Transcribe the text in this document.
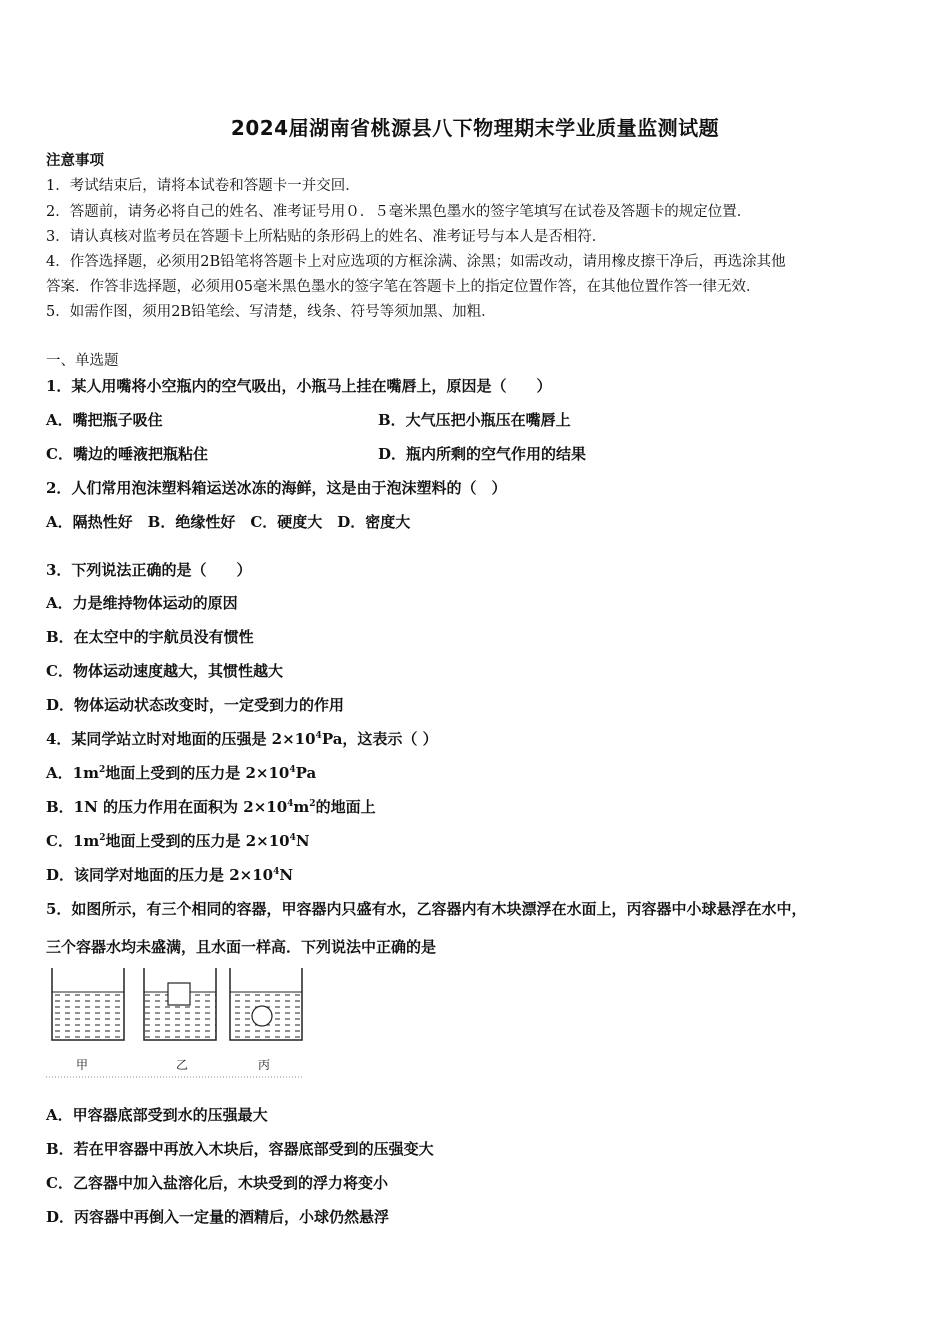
2024届湖南省桃源县八下物理期末学业质量监测试题
注意事项
1．考试结束后，请将本试卷和答题卡一并交回．
2．答题前，请务必将自己的姓名、准考证号用０．５毫米黑色墨水的签字笔填写在试卷及答题卡的规定位置．
3．请认真核对监考员在答题卡上所粘贴的条形码上的姓名、准考证号与本人是否相符．
4．作答选择题，必须用2B铅笔将答题卡上对应选项的方框涂满、涂黑；如需改动，请用橡皮擦干净后，再选涂其他
答案．作答非选择题，必须用05毫米黑色墨水的签字笔在答题卡上的指定位置作答，在其他位置作答一律无效．
5．如需作图，须用2B铅笔绘、写清楚，线条、符号等须加黑、加粗．
一、单选题
1．某人用嘴将小空瓶内的空气吸出，小瓶马上挂在嘴唇上，原因是（　　）
A．嘴把瓶子吸住	B．大气压把小瓶压在嘴唇上
C．嘴边的唾液把瓶粘住	D．瓶内所剩的空气作用的结果
2．人们常用泡沫塑料箱运送冰冻的海鲜，这是由于泡沫塑料的（　）
A．隔热性好　B．绝缘性好　C．硬度大　D．密度大
3．下列说法正确的是（　　）
A．力是维持物体运动的原因
B．在太空中的宇航员没有惯性
C．物体运动速度越大，其惯性越大
D．物体运动状态改变时，一定受到力的作用
4．某同学站立时对地面的压强是 $2\times 10^4Pa$，这表示（ ）
A．$1m^2$地面上受到的压力是 $2\times 10^4Pa$
B．1N 的压力作用在面积为 $2\times 10^4m^2$的地面上
C．$1m^2$地面上受到的压力是 $2\times 10^4N$
D．该同学对地面的压力是 $2\times 10^4N$
5．如图所示，有三个相同的容器，甲容器内只盛有水，乙容器内有木块漂浮在水面上，丙容器中小球悬浮在水中，
三个容器水均未盛满，且水面一样高．下列说法中正确的是
甲	乙	丙
A．甲容器底部受到水的压强最大
B．若在甲容器中再放入木块后，容器底部受到的压强变大
C．乙容器中加入盐溶化后，木块受到的浮力将变小
D．丙容器中再倒入一定量的酒精后，小球仍然悬浮
